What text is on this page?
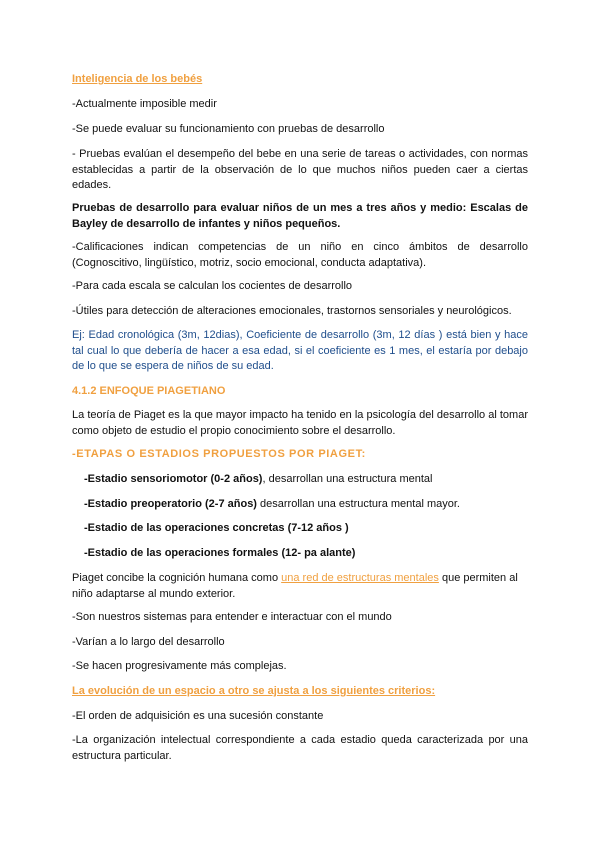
Inteligencia de los bebés

-Actualmente imposible medir

-Se puede evaluar su funcionamiento con pruebas de desarrollo

- Pruebas evalúan el desempeño del bebe en una serie de tareas o actividades, con normas establecidas a partir de la observación de lo que muchos niños pueden caer a ciertas edades.

Pruebas de desarrollo para evaluar niños de un mes a tres años y medio: Escalas de Bayley de desarrollo de infantes y niños pequeños.

-Calificaciones indican competencias de un niño en cinco ámbitos de desarrollo (Cognoscitivo, lingüístico, motriz, socio emocional, conducta adaptativa).

-Para cada escala se calculan los cocientes de desarrollo

-Útiles para detección de alteraciones emocionales, trastornos sensoriales y neurológicos.

Ej: Edad cronológica (3m, 12dias), Coeficiente de desarrollo (3m, 12 días ) está bien y hace tal cual lo que debería de hacer a esa edad, si el coeficiente es 1 mes, el estaría por debajo de lo que se espera de niños de su edad.

4.1.2 ENFOQUE PIAGETIANO

La teoría de Piaget es la que mayor impacto ha tenido en la psicología del desarrollo al tomar como objeto de estudio el propio conocimiento sobre el desarrollo.

-ETAPAS O ESTADIOS PROPUESTOS POR PIAGET:

-Estadio sensoriomotor (0-2 años), desarrollan una estructura mental

-Estadio preoperatorio (2-7 años) desarrollan una estructura mental mayor.

-Estadio de las operaciones concretas (7-12 años )

-Estadio de las operaciones formales (12- pa alante)

Piaget concibe la cognición humana como una red de estructuras mentales que permiten al niño adaptarse al mundo exterior.

-Son nuestros sistemas para entender e interactuar con el mundo

-Varían a lo largo del desarrollo

-Se hacen progresivamente más complejas.

La evolución de un espacio a otro se ajusta a los siguientes criterios:

-El orden de adquisición es una sucesión constante

-La organización intelectual correspondiente a cada estadio queda caracterizada por una estructura particular.
